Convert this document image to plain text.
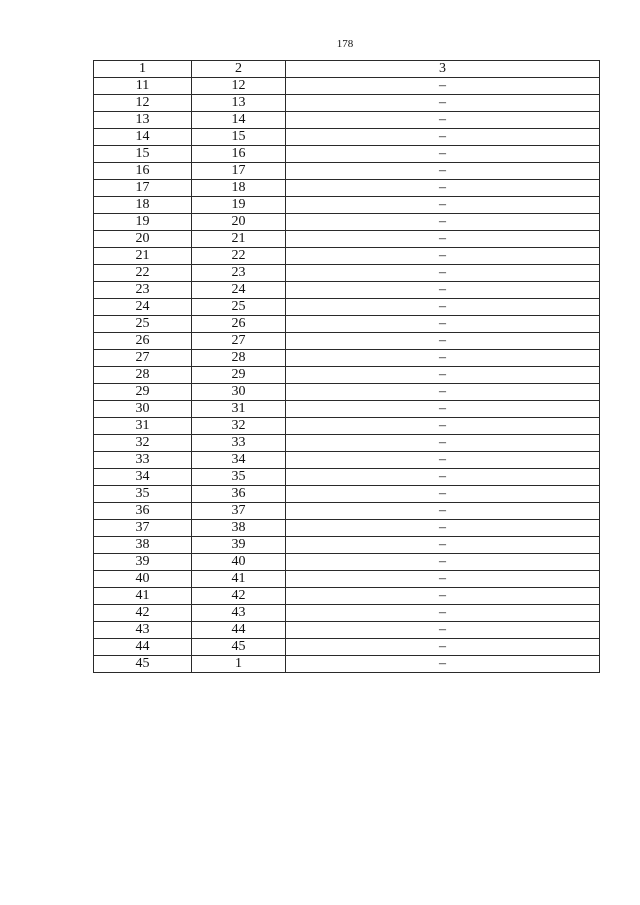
178
1	2	3
11	12	–
12	13	–
13	14	–
14	15	–
15	16	–
16	17	–
17	18	–
18	19	–
19	20	–
20	21	–
21	22	–
22	23	–
23	24	–
24	25	–
25	26	–
26	27	–
27	28	–
28	29	–
29	30	–
30	31	–
31	32	–
32	33	–
33	34	–
34	35	–
35	36	–
36	37	–
37	38	–
38	39	–
39	40	–
40	41	–
41	42	–
42	43	–
43	44	–
44	45	–
45	1	–
